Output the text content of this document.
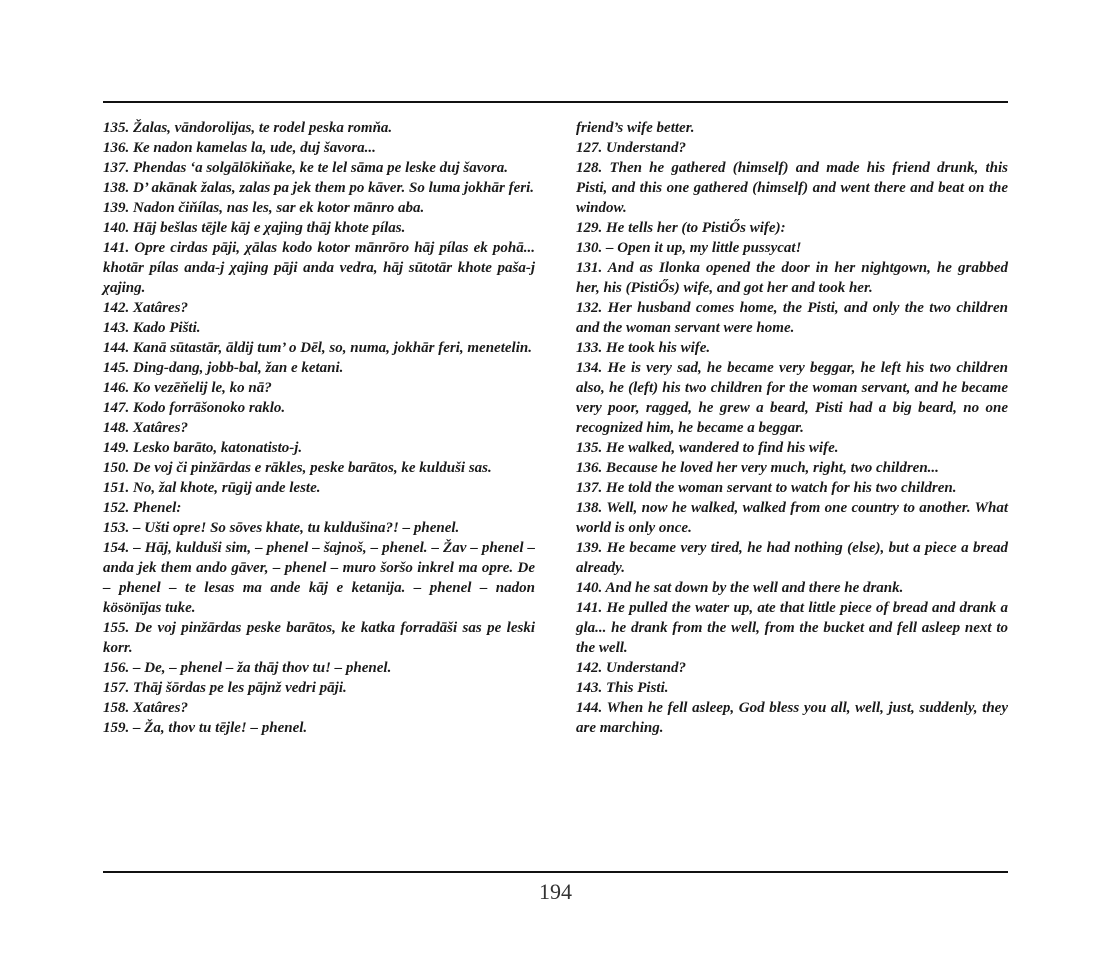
135. Žalas, vāndorolijas, te rodel peska romňa.

136. Ke nadon kamelas la, ude, duj šavora...

137. Phendas ‘a solgālōkiňake, ke te lel sāma pe leske duj šavora.

138. D’ akānak žalas, zalas pa jek them po kāver. So luma jokhār feri.

139. Nadon čiňílas, nas les, sar ek kotor mānro aba.

140. Hāj bešlas tējle kāj e χajing thāj khote pílas.

141. Opre cirdas pāji, χālas kodo kotor mānrōro hāj pílas ek pohā... khotār pílas anda-j χajing pāji anda vedra, hāj sūtotār khote paša-j χajing.

142. Xatâres?

143. Kado Pišti.

144. Kanā sūtastār, āldij tum’ o Dēl, so, numa, jokhār feri, menetelin.

145. Ding-dang, jobb-bal, žan e ketani.

146. Ko vezēňelij le, ko nā?

147. Kodo forrāšonoko raklo.

148. Xatâres?

149. Lesko barāto, katonatisto-j.

150. De voj či pinžārdas e rākles, peske barātos, ke kulduši sas.

151. No, žal khote, rūgij ande leste.

152. Phenel:

153. – Ušti opre! So sōves khate, tu kuldušina?! – phenel.

154. – Hāj, kulduši sim, – phenel – šajnoš, – phenel. – Žav – phenel – anda jek them ando gāver, – phenel – muro šoršo inkrel ma opre. De – phenel – te lesas ma ande kāj e ketanija. – phenel – nadon kösönījas tuke.

155. De voj pinžārdas peske barātos, ke katka forradāši sas pe leski korr.

156. – De, – phenel – ža thāj thov tu! – phenel.

157. Thāj šōrdas pe les pājnž vedri pāji.

158. Xatâres?

159. – Ža, thov tu tējle! – phenel.

friend’s wife better.

127. Understand?

128. Then he gathered (himself) and made his friend drunk, this Pisti, and this one gathered (himself) and went there and beat on the window.

129. He tells her (to PistiŐs wife):

130. – Open it up, my little pussycat!

131. And as Ilonka opened the door in her nightgown, he grabbed her, his (PistiŐs) wife, and got her and took her.

132. Her husband comes home, the Pisti, and only the two children and the woman servant were home.

133. He took his wife.

134. He is very sad, he became very beggar, he left his two children also, he (left) his two children for the woman servant, and he became very poor, ragged, he grew a beard, Pisti had a big beard, no one recognized him, he became a beggar.

135. He walked, wandered to find his wife.

136. Because he loved her very much, right, two children...

137. He told the woman servant to watch for his two children.

138. Well, now he walked, walked from one country to another. What world is only once.

139. He became very tired, he had nothing (else), but a piece a bread already.

140. And he sat down by the well and there he drank.

141. He pulled the water up, ate that little piece of bread and drank a gla... he drank from the well, from the bucket and fell asleep next to the well.

142. Understand?

143. This Pisti.

144. When he fell asleep, God bless you all, well, just, suddenly, they are marching.

194
